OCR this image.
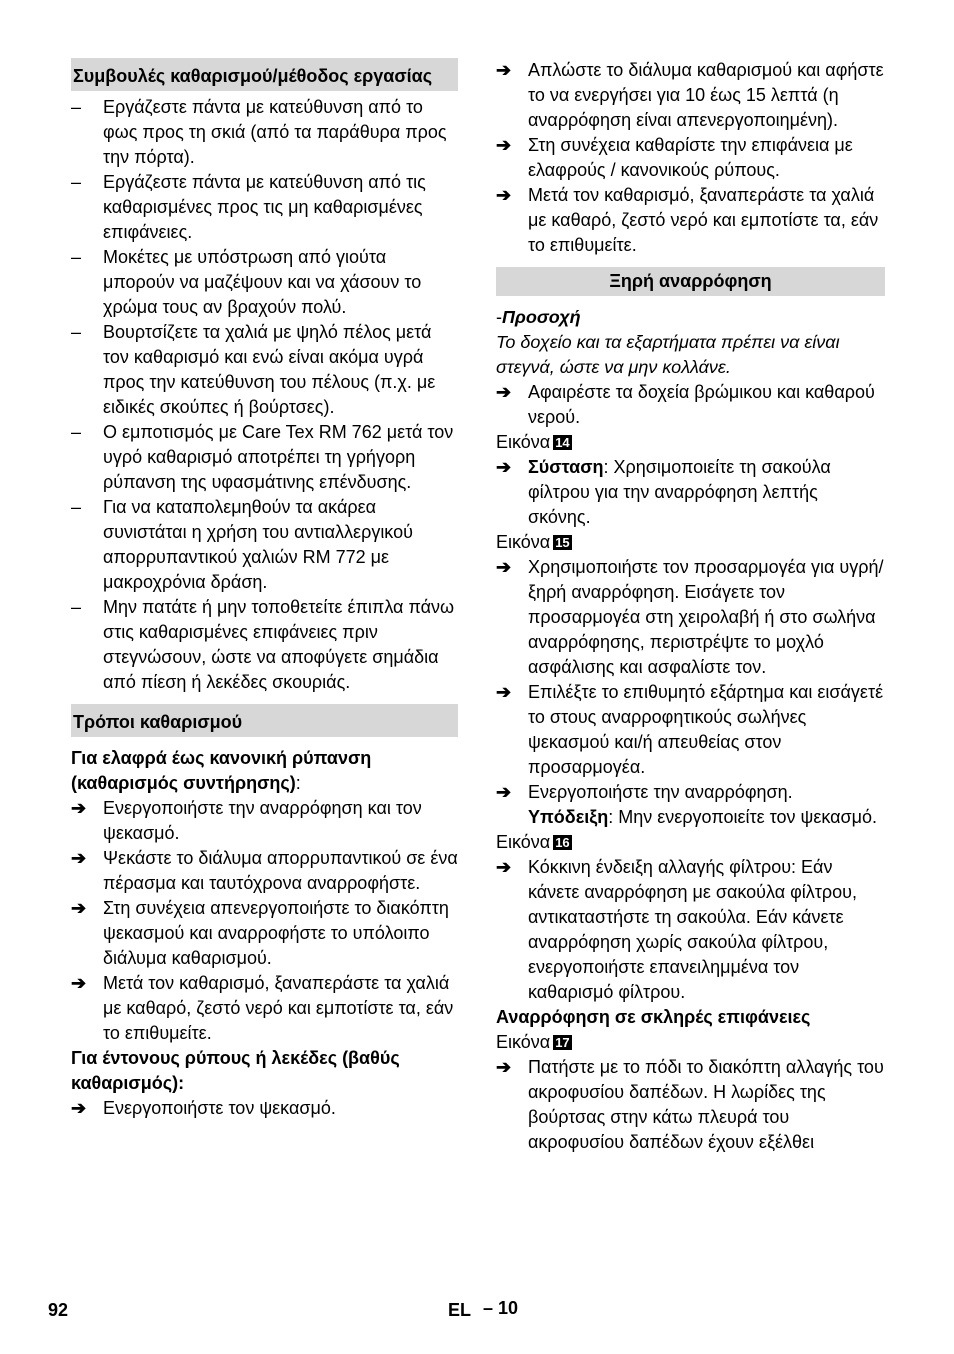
Συμβουλές καθαρισμού/μέθοδος εργασίας
–	Εργάζεστε πάντα με κατεύθυνση από το φως προς τη σκιά (από τα παράθυρα προς την πόρτα).
–	Εργάζεστε πάντα με κατεύθυνση από τις καθαρισμένες προς τις μη καθαρισμένες επιφάνειες.
–	Μοκέτες με υπόστρωση από γιούτα μπορούν να μαζέψουν και να χάσουν το χρώμα τους αν βραχούν πολύ.
–	Βουρτσίζετε τα χαλιά με ψηλό πέλος μετά τον καθαρισμό και ενώ είναι ακόμα υγρά προς την κατεύθυνση του πέλους (π.χ. με ειδικές σκούπες ή βούρτσες).
–	Ο εμποτισμός με Care Tex RM 762 μετά τον υγρό καθαρισμό αποτρέπει τη γρήγορη ρύπανση της υφασμάτινης επένδυσης.
–	Για να καταπολεμηθούν τα ακάρεα συνιστάται η χρήση του αντιαλλεργικού απορρυπαντικού χαλιών RM 772 με μακροχρόνια δράση.
–	Μην πατάτε ή μην τοποθετείτε έπιπλα πάνω στις καθαρισμένες επιφάνειες πριν στεγνώσουν, ώστε να αποφύγετε σημάδια από πίεση ή λεκέδες σκουριάς.
Τρόποι καθαρισμού
Για ελαφρά έως κανονική ρύπανση (καθαρισμός συντήρησης):
➔ Ενεργοποιήστε την αναρρόφηση και τον ψεκασμό.
➔ Ψεκάστε το διάλυμα απορρυπαντικού σε ένα πέρασμα και ταυτόχρονα αναρροφήστε.
➔ Στη συνέχεια απενεργοποιήστε το διακόπτη ψεκασμού και αναρροφήστε το υπόλοιπο διάλυμα καθαρισμού.
➔ Μετά τον καθαρισμό, ξαναπεράστε τα χαλιά με καθαρό, ζεστό νερό και εμποτίστε τα, εάν το επιθυμείτε.
Για έντονους ρύπους ή λεκέδες (βαθύς καθαρισμός):
➔ Ενεργοποιήστε τον ψεκασμό.
➔ Απλώστε το διάλυμα καθαρισμού και αφήστε το να ενεργήσει για 10 έως 15 λεπτά (η αναρρόφηση είναι απενεργοποιημένη).
➔ Στη συνέχεια καθαρίστε την επιφάνεια με ελαφρούς / κανονικούς ρύπους.
➔ Μετά τον καθαρισμό, ξαναπεράστε τα χαλιά με καθαρό, ζεστό νερό και εμποτίστε τα, εάν το επιθυμείτε.
Ξηρή αναρρόφηση
-Προσοχή
Το δοχείο και τα εξαρτήματα πρέπει να είναι στεγνά, ώστε να μην κολλάνε.
➔ Αφαιρέστε τα δοχεία βρώμικου και καθαρού νερού.
Εικόνα 14
➔ Σύσταση: Χρησιμοποιείτε τη σακούλα φίλτρου για την αναρρόφηση λεπτής σκόνης.
Εικόνα 15
➔ Χρησιμοποιήστε τον προσαρμογέα για υγρή/ξηρή αναρρόφηση. Εισάγετε τον προσαρμογέα στη χειρολαβή ή στο σωλήνα αναρρόφησης, περιστρέψτε το μοχλό ασφάλισης και ασφαλίστε τον.
➔ Επιλέξτε το επιθυμητό εξάρτημα και εισάγετέ το στους αναρροφητικούς σωλήνες ψεκασμού και/ή απευθείας στον προσαρμογέα.
➔ Ενεργοποιήστε την αναρρόφηση.
Υπόδειξη: Μην ενεργοποιείτε τον ψεκασμό.
Εικόνα 16
➔ Κόκκινη ένδειξη αλλαγής φίλτρου: Εάν κάνετε αναρρόφηση με σακούλα φίλτρου, αντικαταστήστε τη σακούλα. Εάν κάνετε αναρρόφηση χωρίς σακούλα φίλτρου, ενεργοποιήστε επανειλημμένα τον καθαρισμό φίλτρου.
Αναρρόφηση σε σκληρές επιφάνειες
Εικόνα 17
➔ Πατήστε με το πόδι το διακόπτη αλλαγής του ακροφυσίου δαπέδων. Η λωρίδες της βούρτσας στην κάτω πλευρά του ακροφυσίου δαπέδων έχουν εξέλθει
92	EL – 10
